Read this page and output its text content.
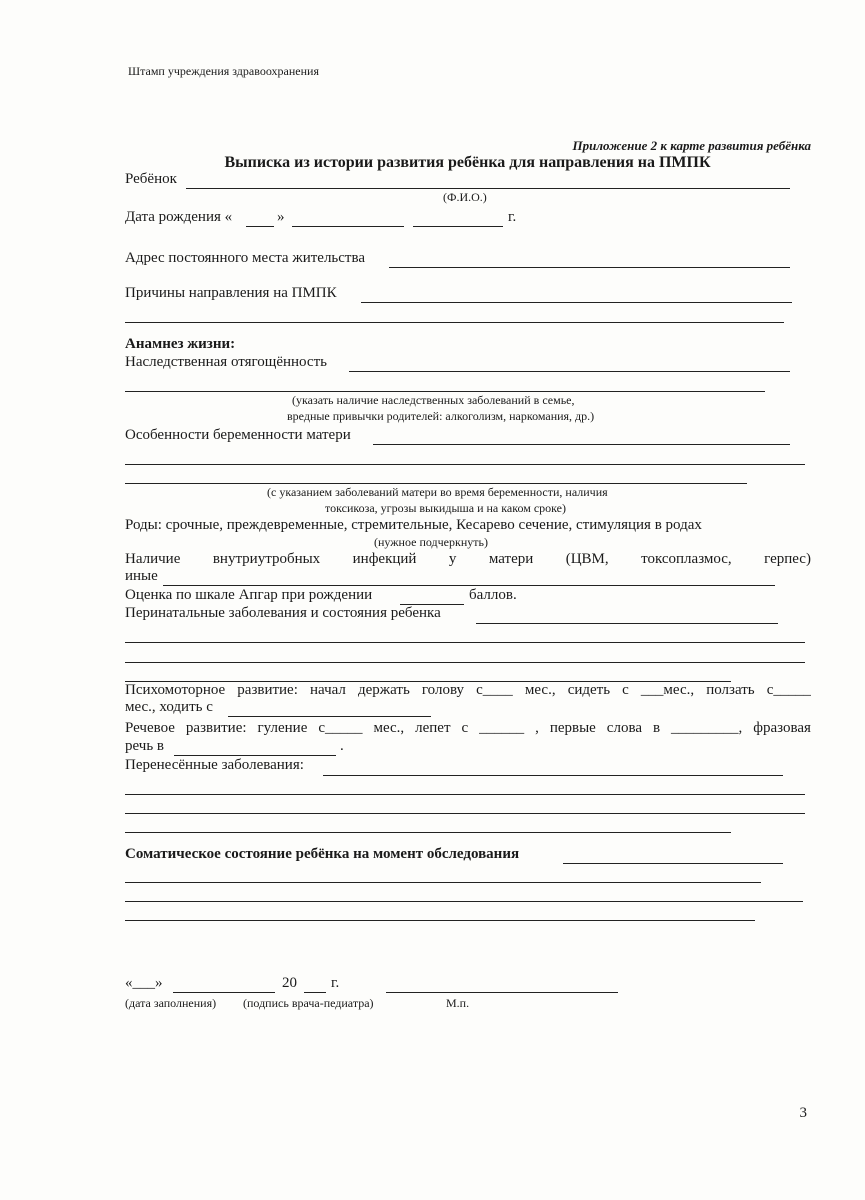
Штамп учреждения здравоохранения
Приложение 2 к карте развития ребёнка
Выписка из истории развития ребёнка для направления на ПМПК
Ребёнок
(Ф.И.О.)
Дата рождения «	»	г.
Адрес постоянного места жительства
Причины направления на ПМПК
Анамнез жизни:
Наследственная отягощённость
(указать наличие наследственных заболеваний в семье,
вредные привычки родителей: алкоголизм, наркомания, др.)
Особенности беременности матери
(с указанием заболеваний матери во время беременности, наличия
токсикоза, угрозы выкидыша и на каком сроке)
Роды: срочные, преждевременные, стремительные, Кесарево сечение, стимуляция в родах
(нужное подчеркнуть)
Наличие внутриутробных инфекций у матери (ЦВМ, токсоплазмос, герпес)
иные
Оценка по шкале Апгар при рождении	баллов.
Перинатальные заболевания и состояния ребенка
Психомоторное развитие: начал держать голову с____ мес., сидеть с ___мес., ползать с_____
мес., ходить с
Речевое развитие: гуление с_____ мес., лепет с ______ , первые слова в _________, фразовая
речь в	.
Перенесённые заболевания:
Соматическое состояние ребёнка на момент обследования
«___»	20 г.
(дата заполнения) (подпись врача-педиатра)	М.п.
3
